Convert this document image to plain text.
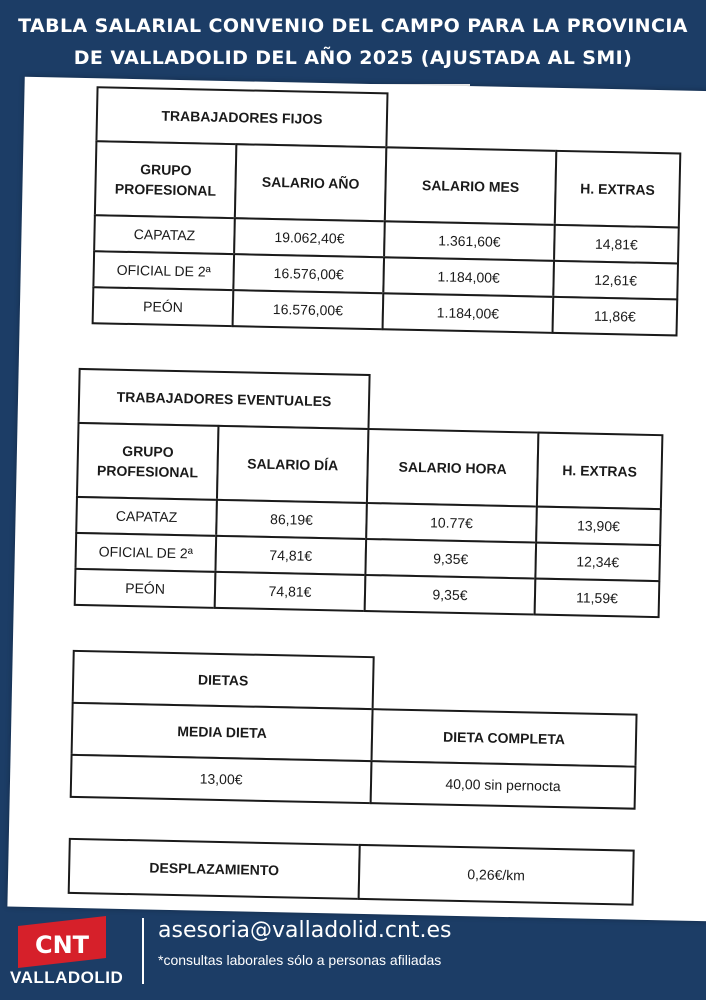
TABLA SALARIAL CONVENIO DEL CAMPO PARA LA PROVINCIA
DE VALLADOLID DEL AÑO 2025 (AJUSTADA AL SMI)
TRABAJADORES FIJOS
GRUPO PROFESIONAL	SALARIO AÑO	SALARIO MES	H. EXTRAS
CAPATAZ	19.062,40€	1.361,60€	14,81€
OFICIAL DE 2ª	16.576,00€	1.184,00€	12,61€
PEÓN	16.576,00€	1.184,00€	11,86€
TRABAJADORES EVENTUALES
GRUPO PROFESIONAL	SALARIO DÍA	SALARIO HORA	H. EXTRAS
CAPATAZ	86,19€	10.77€	13,90€
OFICIAL DE 2ª	74,81€	9,35€	12,34€
PEÓN	74,81€	9,35€	11,59€
DIETAS
MEDIA DIETA	DIETA COMPLETA
13,00€	40,00 sin pernocta
DESPLAZAMIENTO	0,26€/km
CNT
VALLADOLID
asesoria@valladolid.cnt.es
*consultas laborales sólo a personas afiliadas
